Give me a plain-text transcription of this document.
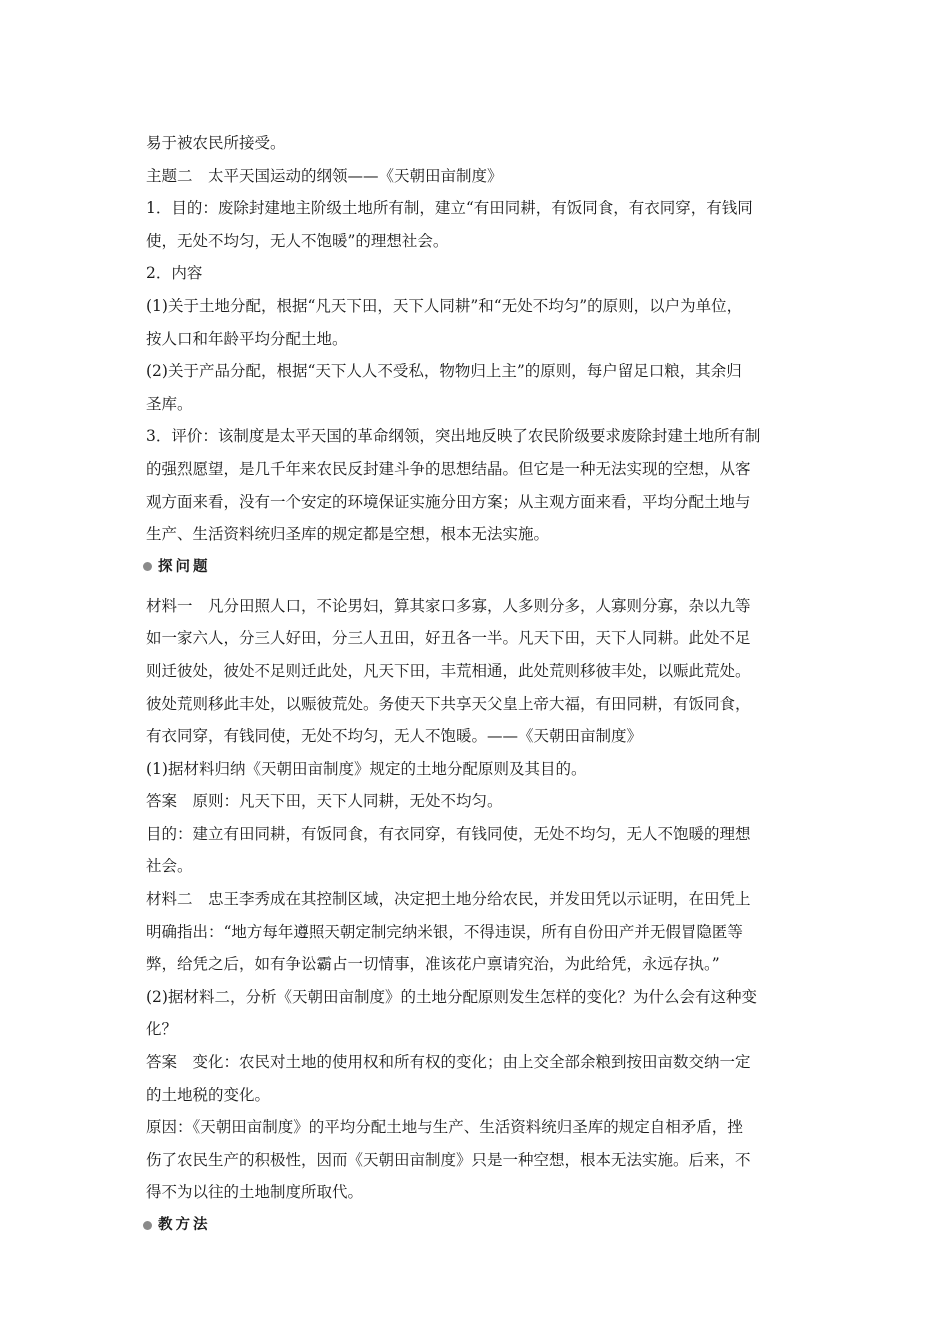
易于被农民所接受。
主题二　太平天国运动的纲领——《天朝田亩制度》
1．目的：废除封建地主阶级土地所有制，建立“有田同耕，有饭同食，有衣同穿，有钱同
使，无处不均匀，无人不饱暖”的理想社会。
2．内容
(1)关于土地分配，根据“凡天下田，天下人同耕”和“无处不均匀”的原则，以户为单位，
按人口和年龄平均分配土地。
(2)关于产品分配，根据“天下人人不受私，物物归上主”的原则，每户留足口粮，其余归
圣库。
3．评价：该制度是太平天国的革命纲领，突出地反映了农民阶级要求废除封建土地所有制
的强烈愿望，是几千年来农民反封建斗争的思想结晶。但它是一种无法实现的空想，从客
观方面来看，没有一个安定的环境保证实施分田方案；从主观方面来看，平均分配土地与
生产、生活资料统归圣库的规定都是空想，根本无法实施。
探问题
材料一　凡分田照人口，不论男妇，算其家口多寡，人多则分多，人寡则分寡，杂以九等
如一家六人，分三人好田，分三人丑田，好丑各一半。凡天下田，天下人同耕。此处不足
则迁彼处，彼处不足则迁此处，凡天下田，丰荒相通，此处荒则移彼丰处，以赈此荒处。
彼处荒则移此丰处，以赈彼荒处。务使天下共享天父皇上帝大福，有田同耕，有饭同食，
有衣同穿，有钱同使，无处不均匀，无人不饱暖。——《天朝田亩制度》
(1)据材料归纳《天朝田亩制度》规定的土地分配原则及其目的。
答案　原则：凡天下田，天下人同耕，无处不均匀。
目的：建立有田同耕，有饭同食，有衣同穿，有钱同使，无处不均匀，无人不饱暖的理想
社会。
材料二　忠王李秀成在其控制区域，决定把土地分给农民，并发田凭以示证明，在田凭上
明确指出：“地方每年遵照天朝定制完纳米银，不得违误，所有自份田产并无假冒隐匿等
弊，给凭之后，如有争讼霸占一切情事，准该花户禀请究治，为此给凭，永远存执。”
(2)据材料二，分析《天朝田亩制度》的土地分配原则发生怎样的变化？为什么会有这种变
化？
答案　变化：农民对土地的使用权和所有权的变化；由上交全部余粮到按田亩数交纳一定
的土地税的变化。
原因：《天朝田亩制度》的平均分配土地与生产、生活资料统归圣库的规定自相矛盾，挫
伤了农民生产的积极性，因而《天朝田亩制度》只是一种空想，根本无法实施。后来，不
得不为以往的土地制度所取代。
教方法
